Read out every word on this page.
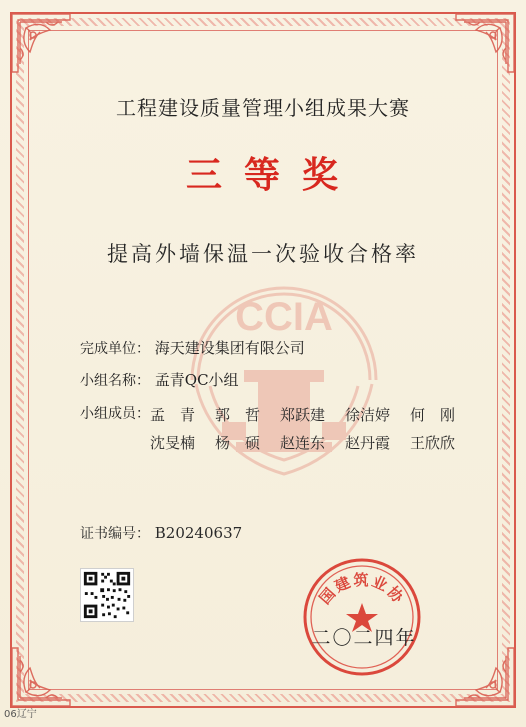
工程建设质量管理小组成果大赛
三等奖
提高外墙保温一次验收合格率
CCIA
完成单位： 海天建设集团有限公司
小组名称： 孟青QC小组
小组成员： 孟　青	郭　哲	郑跃建	徐洁婷	何　刚
沈旻楠	杨　硕	赵连东	赵丹霞	王欣欣
证书编号： B20240637
国建筑业协
二〇二四年
06辽宁
